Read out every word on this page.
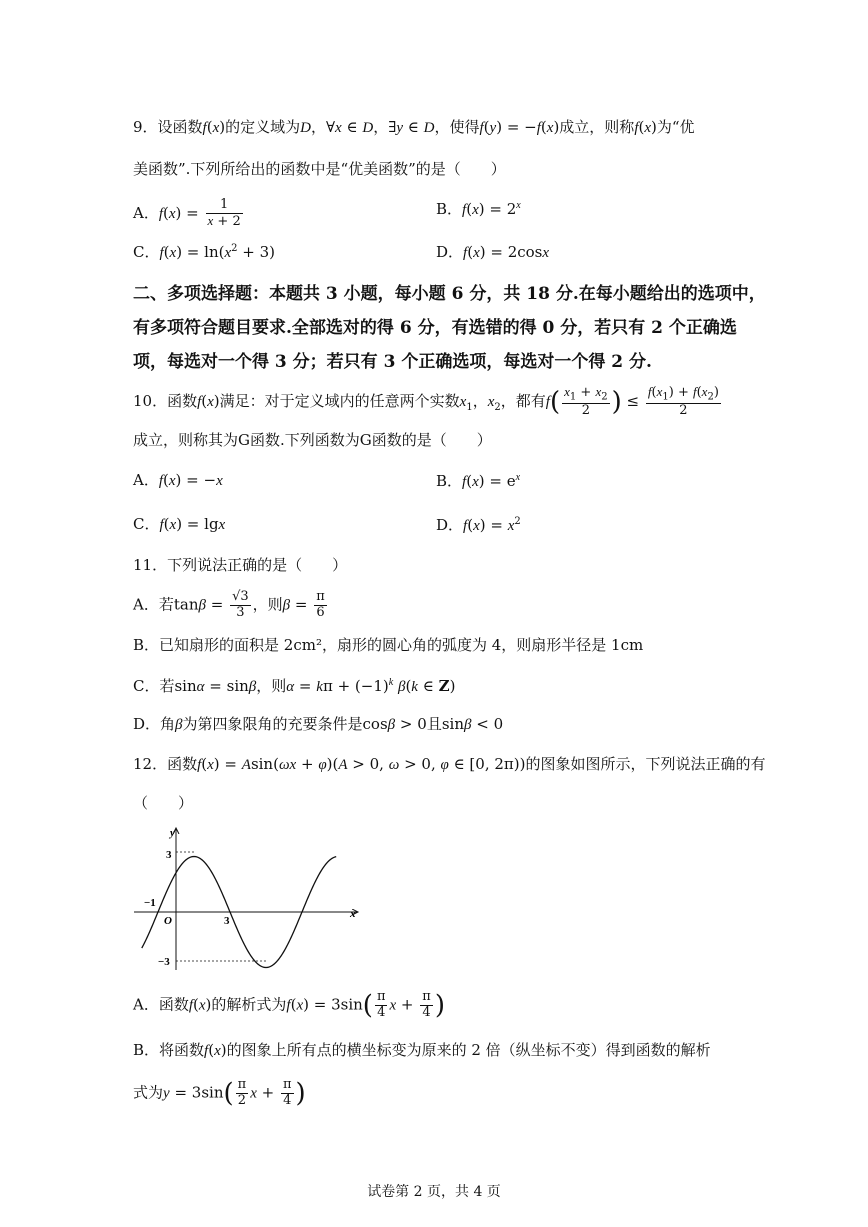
9．设函数f(x)的定义域为D，∀x ∈ D，∃y ∈ D，使得f(y) = −f(x)成立，则称f(x)为“优
美函数”.下列所给出的函数中是“优美函数”的是（　　）
A．$f(x) = \frac{1}{x + 2}$	B．$f(x) = 2^x$
C．$f(x) = \ln(x^2 + 3)$	D．f(x) = 2cosx
二、多项选择题：本题共 3 小题，每小题 6 分，共 18 分.在每小题给出的选项中，
有多项符合题目要求.全部选对的得 6 分，有选错的得 0 分，若只有 2 个正确选
项，每选对一个得 3 分；若只有 3 个正确选项，每选对一个得 2 分.
10．函数f(x)满足：对于定义域内的任意两个实数$x_1$，$x_2$，都有$f( \frac{x_1 + x_2}{2}$ ) ≤ $\frac{f(x_1) + f(x_2)}{2}$
成立，则称其为G函数.下列函数为G函数的是（　　）
A．f(x) = −x	B．$f(x) = e^x$
C．f(x) = lgx	D．$f(x) = x^2$
11．下列说法正确的是（　　）
A．若$\tan\beta = \frac{√3}{3}$ ，则$\beta = \frac{\pi}{6}$
B．已知扇形的面积是 2cm²，扇形的圆心角的弧度为 4，则扇形半径是 1cm
C．若sinα = sinβ，则$\alpha = k\pi + (-1)^k$ β(k ∈ Z)
D．角β为第四象限角的充要条件是cosβ > 0且sinβ < 0
12．函数f(x) = Asin(ωx + φ)(A > 0, ω > 0, φ ∈ [0, 2π))的图象如图所示，下列说法正确的有
（　　）
y
x
O
3
−3
−1
3
A．函数f(x)的解析式为$f(x) = 3\sin( \frac{\pi}{4}$ $x + \frac{\pi}{4}$ )
B．将函数f(x)的图象上所有点的横坐标变为原来的 2 倍（纵坐标不变）得到函数的解析
式为$y = 3\sin( \frac{\pi}{2}$ $x + \frac{\pi}{4}$ )
试卷第 2 页，共 4 页
